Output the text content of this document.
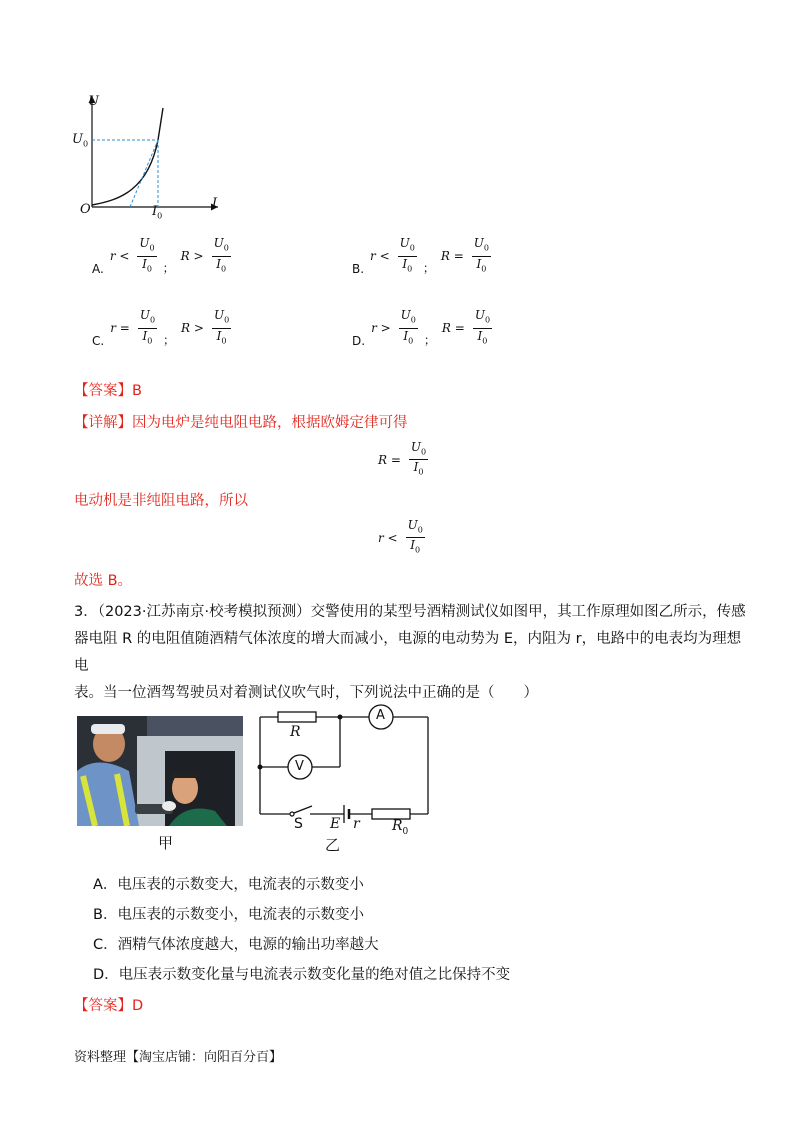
U
I
O
$U_0$
$I_0$
A.
$r < \frac{U_0}{I_0}$ ；
$R > \frac{U_0}{I_0}$	B.
$r < \frac{U_0}{I_0}$ ；
$R = \frac{U_0}{I_0}$
C.
$r = \frac{U_0}{I_0}$ ；
$R > \frac{U_0}{I_0}$	D.
$r > \frac{U_0}{I_0}$ ；
$R = \frac{U_0}{I_0}$
【答案】B
【详解】因为电炉是纯电阻电路，根据欧姆定律可得
$R = \frac{U_0}{I_0}$
电动机是非纯阻电路，所以
$r < \frac{U_0}{I_0}$
故选 B。
3．（2023·江苏南京·校考模拟预测）交警使用的某型号酒精测试仪如图甲，其工作原理如图乙所示，传感
器电阻 R 的电阻值随酒精气体浓度的增大而减小，电源的电动势为 E，内阻为 r，电路中的电表均为理想电
表。当一位酒驾驾驶员对着测试仪吹气时，下列说法中正确的是（　　）
甲
R
A
V
S E r $R_0$
乙
A．电压表的示数变大，电流表的示数变小
B．电压表的示数变小，电流表的示数变小
C．酒精气体浓度越大，电源的输出功率越大
D．电压表示数变化量与电流表示数变化量的绝对值之比保持不变
【答案】D
资料整理【淘宝店铺：向阳百分百】
